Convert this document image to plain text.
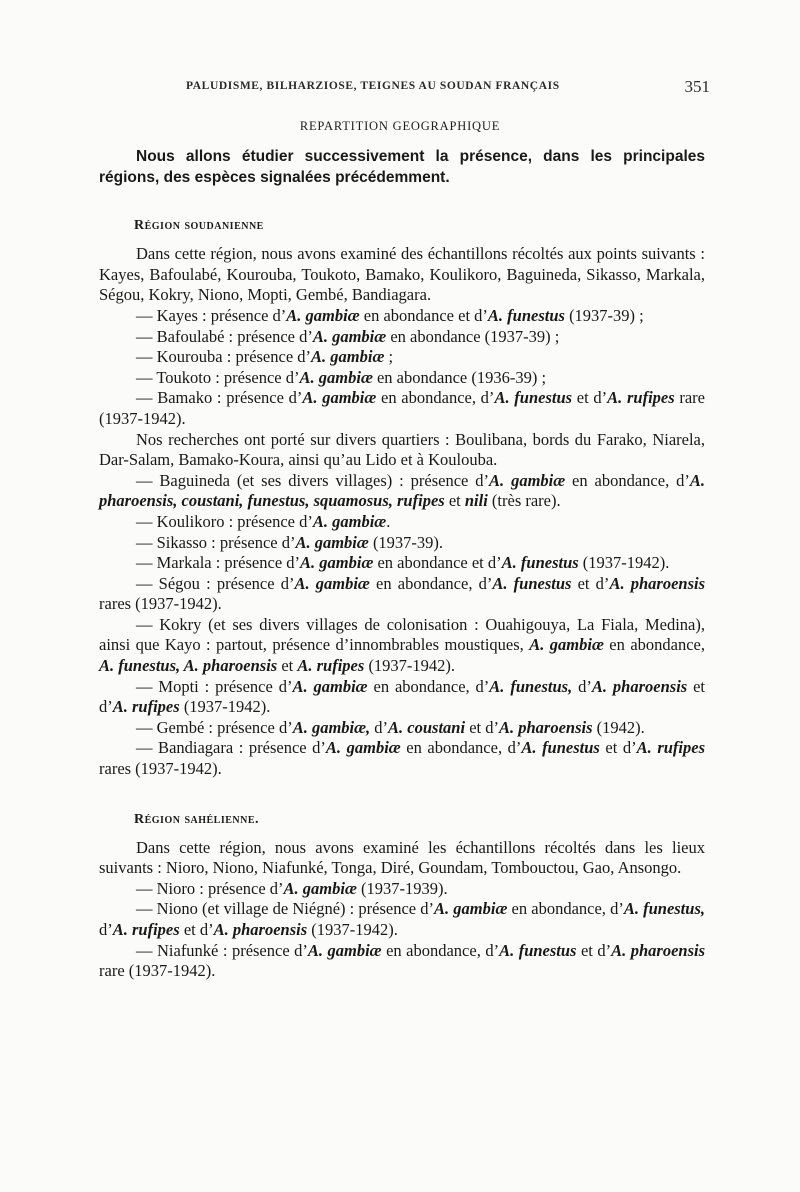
PALUDISME, BILHARZIOSE, TEIGNES AU SOUDAN FRANÇAIS	351
REPARTITION GEOGRAPHIQUE

Nous allons étudier successivement la présence, dans les principales régions, des espèces signalées précédemment.

Région soudanienne

Dans cette région, nous avons examiné des échantillons récoltés aux points suivants : Kayes, Bafoulabé, Kourouba, Toukoto, Bamako, Koulikoro, Baguineda, Sikasso, Markala, Ségou, Kokry, Niono, Mopti, Gembé, Bandiagara.

— Kayes : présence d’A. gambiæ en abondance et d’A. funestus (1937-39) ;

— Bafoulabé : présence d’A. gambiæ en abondance (1937-39) ;

— Kourouba : présence d’A. gambiæ ;

— Toukoto : présence d’A. gambiæ en abondance (1936-39) ;

— Bamako : présence d’A. gambiæ en abondance, d’A. funestus et d’A. rufipes rare (1937-1942).

Nos recherches ont porté sur divers quartiers : Boulibana, bords du Farako, Niarela, Dar-Salam, Bamako-Koura, ainsi qu’au Lido et à Koulouba.

— Baguineda (et ses divers villages) : présence d’A. gambiæ en abondance, d’A. pharoensis, coustani, funestus, squamosus, rufipes et nili (très rare).

— Koulikoro : présence d’A. gambiæ.

— Sikasso : présence d’A. gambiæ (1937-39).

— Markala : présence d’A. gambiæ en abondance et d’A. funestus (1937-1942).

— Ségou : présence d’A. gambiæ en abondance, d’A. funestus et d’A. pharoensis rares (1937-1942).

— Kokry (et ses divers villages de colonisation : Ouahigouya, La Fiala, Medina), ainsi que Kayo : partout, présence d’innombrables moustiques, A. gambiæ en abondance, A. funestus, A. pharoensis et A. rufipes (1937-1942).

— Mopti : présence d’A. gambiæ en abondance, d’A. funestus, d’A. pharoensis et d’A. rufipes (1937-1942).

— Gembé : présence d’A. gambiæ, d’A. coustani et d’A. pharoensis (1942).

— Bandiagara : présence d’A. gambiæ en abondance, d’A. funestus et d’A. rufipes rares (1937-1942).

Région sahélienne.

Dans cette région, nous avons examiné les échantillons récoltés dans les lieux suivants : Nioro, Niono, Niafunké, Tonga, Diré, Goundam, Tombouctou, Gao, Ansongo.

— Nioro : présence d’A. gambiæ (1937-1939).

— Niono (et village de Niégné) : présence d’A. gambiæ en abondance, d’A. funestus, d’A. rufipes et d’A. pharoensis (1937-1942).

— Niafunké : présence d’A. gambiæ en abondance, d’A. funestus et d’A. pharoensis rare (1937-1942).
